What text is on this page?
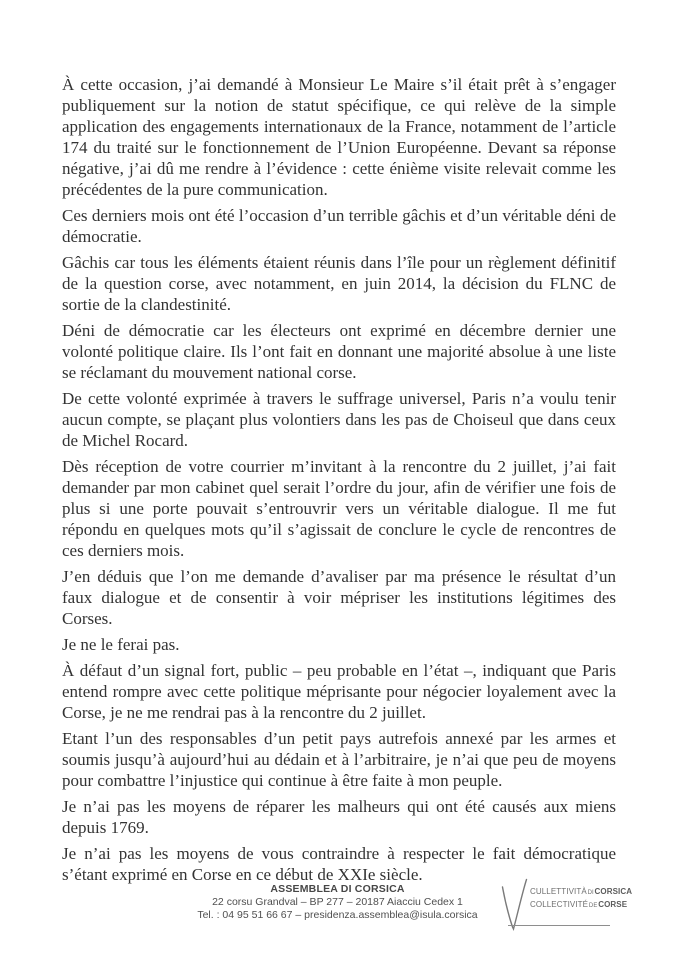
À cette occasion, j’ai demandé à Monsieur Le Maire s’il était prêt à s’engager publiquement sur la notion de statut spécifique, ce qui relève de la simple application des engagements internationaux de la France, notamment de l’article 174 du traité sur le fonctionnement de l’Union Européenne. Devant sa réponse négative, j’ai dû me rendre à l’évidence : cette énième visite relevait comme les précédentes de la pure communication.

Ces derniers mois ont été l’occasion d’un terrible gâchis et d’un véritable déni de démocratie.

Gâchis car tous les éléments étaient réunis dans l’île pour un règlement définitif de la question corse, avec notamment, en juin 2014, la décision du FLNC de sortie de la clandestinité.

Déni de démocratie car les électeurs ont exprimé en décembre dernier une volonté politique claire. Ils l’ont fait en donnant une majorité absolue à une liste se réclamant du mouvement national corse.

De cette volonté exprimée à travers le suffrage universel, Paris n’a voulu tenir aucun compte, se plaçant plus volontiers dans les pas de Choiseul que dans ceux de Michel Rocard.

Dès réception de votre courrier m’invitant à la rencontre du 2 juillet, j’ai fait demander par mon cabinet quel serait l’ordre du jour, afin de vérifier une fois de plus si une porte pouvait s’entrouvrir vers un véritable dialogue. Il me fut répondu en quelques mots qu’il s’agissait de conclure le cycle de rencontres de ces derniers mois.

J’en déduis que l’on me demande d’avaliser par ma présence le résultat d’un faux dialogue et de consentir à voir mépriser les institutions légitimes des Corses.

Je ne le ferai pas.

À défaut d’un signal fort, public – peu probable en l’état –, indiquant que Paris entend rompre avec cette politique méprisante pour négocier loyalement avec la Corse, je ne me rendrai pas à la rencontre du 2 juillet.

Etant l’un des responsables d’un petit pays autrefois annexé par les armes et soumis jusqu’à aujourd’hui au dédain et à l’arbitraire, je n’ai que peu de moyens pour combattre l’injustice qui continue à être faite à mon peuple.

Je n’ai pas les moyens de réparer les malheurs qui ont été causés aux miens depuis 1769.

Je n’ai pas les moyens de vous contraindre à respecter le fait démocratique s’étant exprimé en Corse en ce début de XXIe siècle.

ASSEMBLEA DI CORSICA
22 corsu Grandval – BP 277 – 20187 Aiacciu Cedex 1
Tel. : 04 95 51 66 67 – presidenza.assemblea@isula.corsica
CULLETTIVITÀ DI CORSICA
COLLECTIVITÉ DE CORSE
